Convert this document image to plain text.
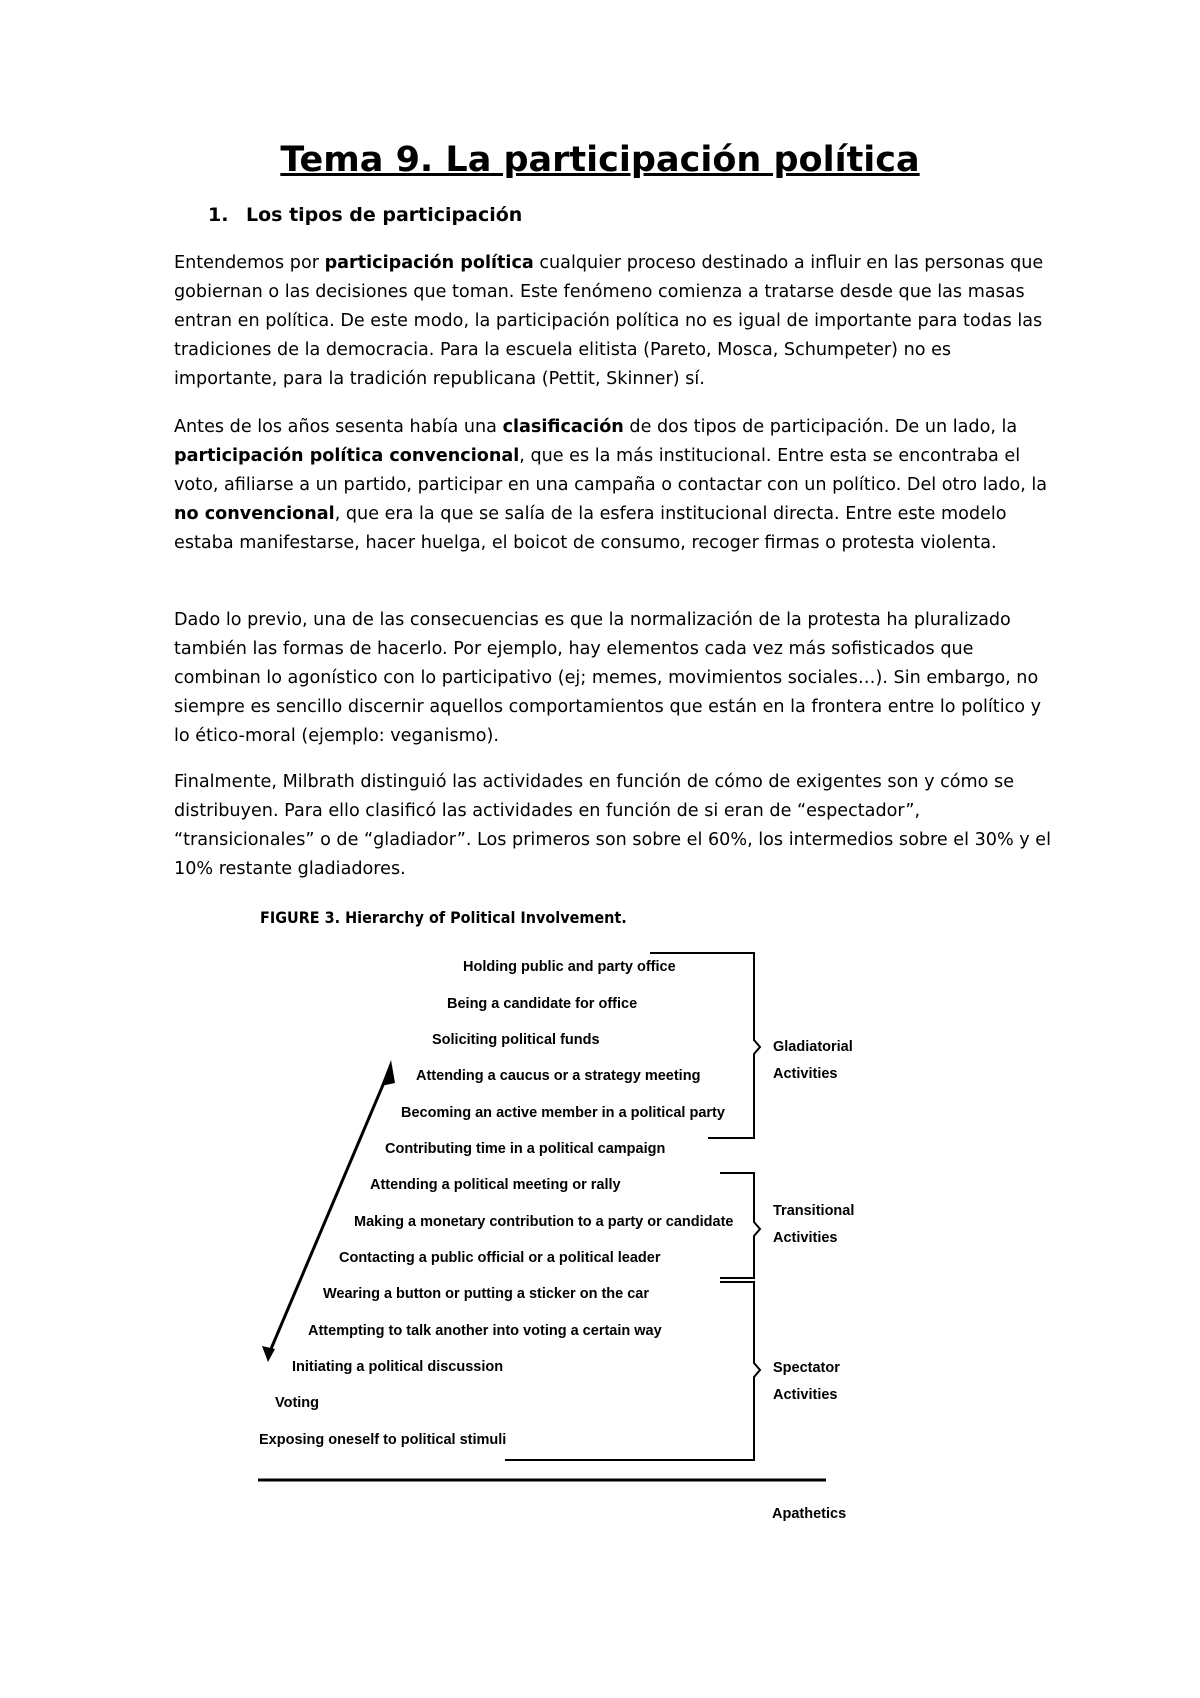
Tema 9. La participación política
1. Los tipos de participación

Entendemos por participación política cualquier proceso destinado a influir en las personas que gobiernan o las decisiones que toman. Este fenómeno comienza a tratarse desde que las masas entran en política. De este modo, la participación política no es igual de importante para todas las tradiciones de la democracia. Para la escuela elitista (Pareto, Mosca, Schumpeter) no es importante, para la tradición republicana (Pettit, Skinner) sí.

Antes de los años sesenta había una clasificación de dos tipos de participación. De un lado, la participación política convencional, que es la más institucional. Entre esta se encontraba el voto, afiliarse a un partido, participar en una campaña o contactar con un político. Del otro lado, la no convencional, que era la que se salía de la esfera institucional directa. Entre este modelo estaba manifestarse, hacer huelga, el boicot de consumo, recoger firmas o protesta violenta.

Dado lo previo, una de las consecuencias es que la normalización de la protesta ha pluralizado también las formas de hacerlo. Por ejemplo, hay elementos cada vez más sofisticados que combinan lo agonístico con lo participativo (ej; memes, movimientos sociales…). Sin embargo, no siempre es sencillo discernir aquellos comportamientos que están en la frontera entre lo político y lo ético-moral (ejemplo: veganismo).

Finalmente, Milbrath distinguió las actividades en función de cómo de exigentes son y cómo se distribuyen. Para ello clasificó las actividades en función de si eran de “espectador”, “transicionales” o de “gladiador”. Los primeros son sobre el 60%, los intermedios sobre el 30% y el 10% restante gladiadores.

FIGURE 3. Hierarchy of Political Involvement.
Holding public and party office
Being a candidate for office
Soliciting political funds
Attending a caucus or a strategy meeting
Becoming an active member in a political party
Contributing time in a political campaign
Attending a political meeting or rally
Making a monetary contribution to a party or candidate
Contacting a public official or a political leader
Wearing a button or putting a sticker on the car
Attempting to talk another into voting a certain way
Initiating a political discussion
Voting
Exposing oneself to political stimuli
Gladiatorial
Activities
Transitional
Activities
Spectator
Activities
Apathetics
